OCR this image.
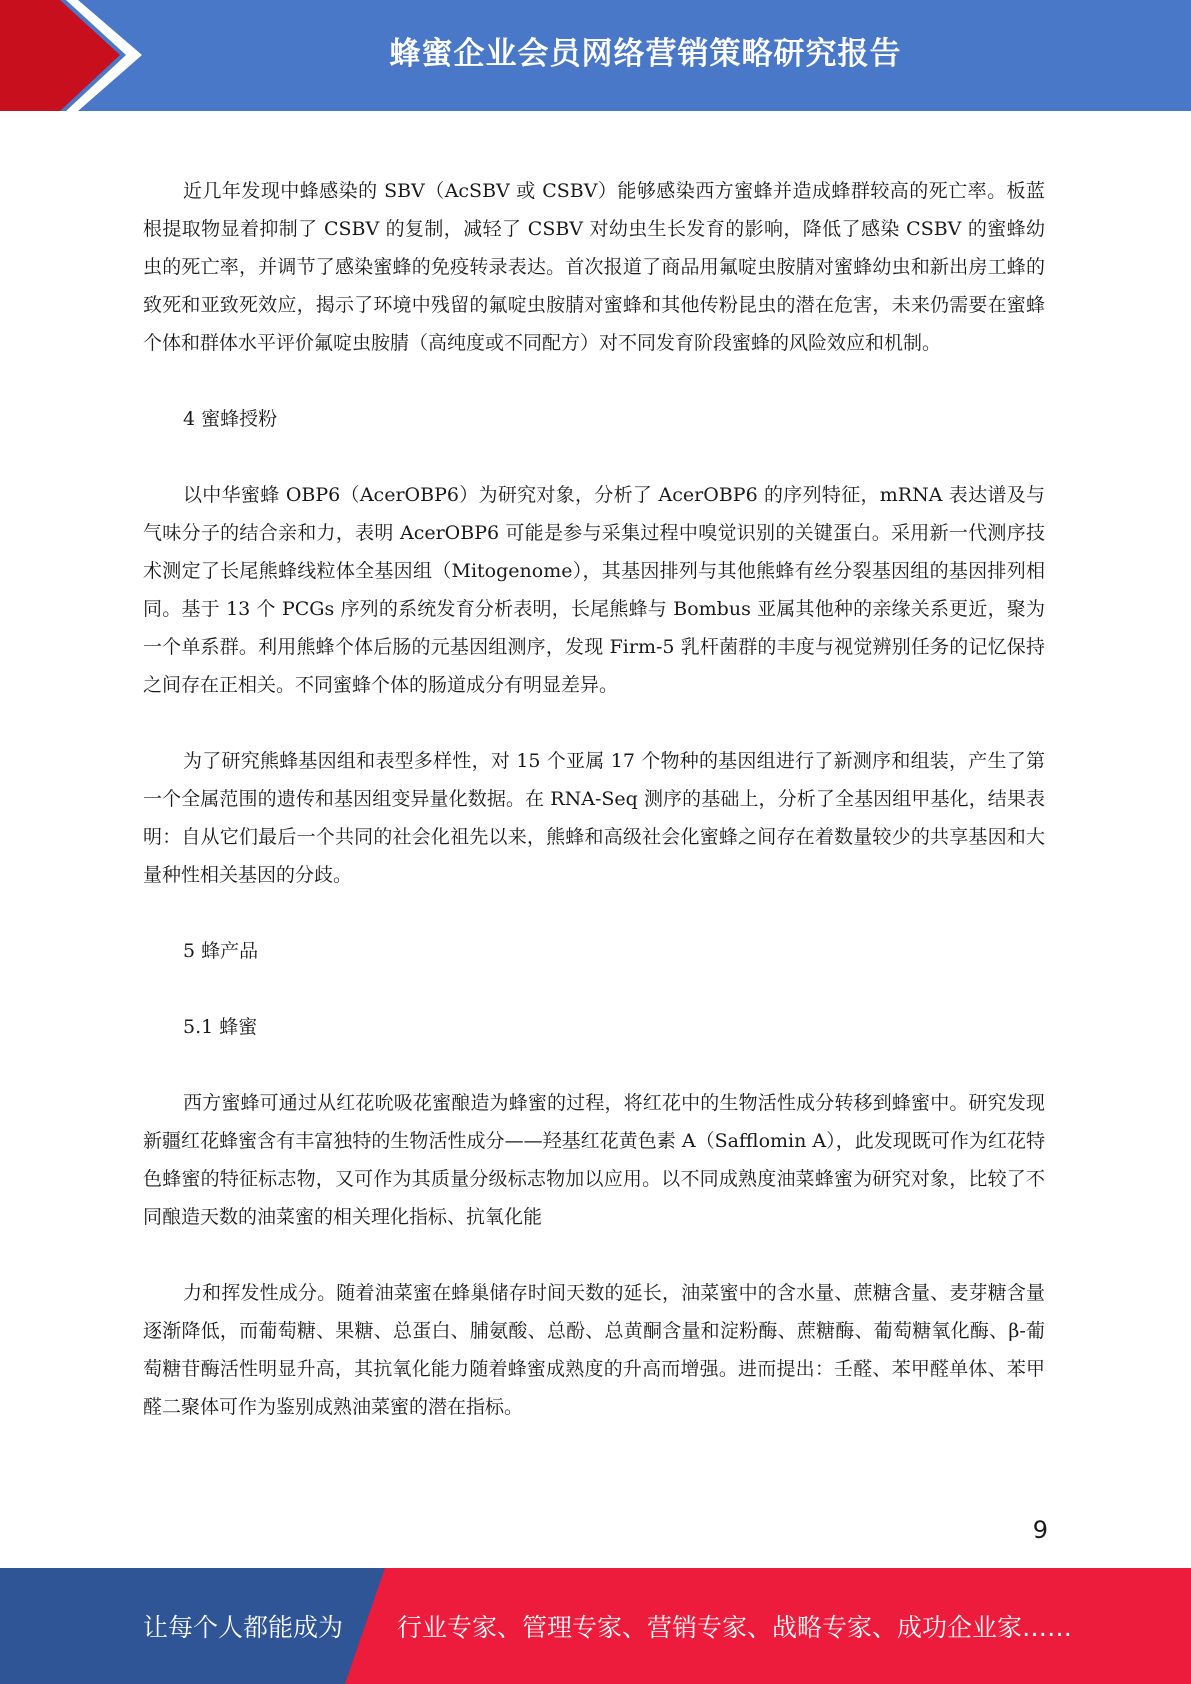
蜂蜜企业会员网络营销策略研究报告

近几年发现中蜂感染的 SBV（AcSBV 或 CSBV）能够感染西方蜜蜂并造成蜂群较高的死亡率。板蓝根提取物显着抑制了 CSBV 的复制，减轻了 CSBV 对幼虫生长发育的影响，降低了感染 CSBV 的蜜蜂幼虫的死亡率，并调节了感染蜜蜂的免疫转录表达。首次报道了商品用氟啶虫胺腈对蜜蜂幼虫和新出房工蜂的致死和亚致死效应，揭示了环境中残留的氟啶虫胺腈对蜜蜂和其他传粉昆虫的潜在危害，未来仍需要在蜜蜂个体和群体水平评价氟啶虫胺腈（高纯度或不同配方）对不同发育阶段蜜蜂的风险效应和机制。

4 蜜蜂授粉

以中华蜜蜂 OBP6（AcerOBP6）为研究对象，分析了 AcerOBP6 的序列特征，mRNA 表达谱及与气味分子的结合亲和力，表明 AcerOBP6 可能是参与采集过程中嗅觉识别的关键蛋白。采用新一代测序技术测定了长尾熊蜂线粒体全基因组（Mitogenome），其基因排列与其他熊蜂有丝分裂基因组的基因排列相同。基于 13 个 PCGs 序列的系统发育分析表明，长尾熊蜂与 Bombus 亚属其他种的亲缘关系更近，聚为一个单系群。利用熊蜂个体后肠的元基因组测序，发现 Firm-5 乳杆菌群的丰度与视觉辨别任务的记忆保持之间存在正相关。不同蜜蜂个体的肠道成分有明显差异。

为了研究熊蜂基因组和表型多样性，对 15 个亚属 17 个物种的基因组进行了新测序和组装，产生了第一个全属范围的遗传和基因组变异量化数据。在 RNA-Seq 测序的基础上，分析了全基因组甲基化，结果表明：自从它们最后一个共同的社会化祖先以来，熊蜂和高级社会化蜜蜂之间存在着数量较少的共享基因和大量种性相关基因的分歧。

5 蜂产品

5.1 蜂蜜

西方蜜蜂可通过从红花吮吸花蜜酿造为蜂蜜的过程，将红花中的生物活性成分转移到蜂蜜中。研究发现新疆红花蜂蜜含有丰富独特的生物活性成分——羟基红花黄色素 A（Safflomin A），此发现既可作为红花特色蜂蜜的特征标志物，又可作为其质量分级标志物加以应用。以不同成熟度油菜蜂蜜为研究对象，比较了不同酿造天数的油菜蜜的相关理化指标、抗氧化能

力和挥发性成分。随着油菜蜜在蜂巢储存时间天数的延长，油菜蜜中的含水量、蔗糖含量、麦芽糖含量逐渐降低，而葡萄糖、果糖、总蛋白、脯氨酸、总酚、总黄酮含量和淀粉酶、蔗糖酶、葡萄糖氧化酶、β-葡萄糖苷酶活性明显升高，其抗氧化能力随着蜂蜜成熟度的升高而增强。进而提出：壬醛、苯甲醛单体、苯甲醛二聚体可作为鉴别成熟油菜蜜的潜在指标。

9
让每个人都能成为 行业专家、管理专家、营销专家、战略专家、成功企业家……
